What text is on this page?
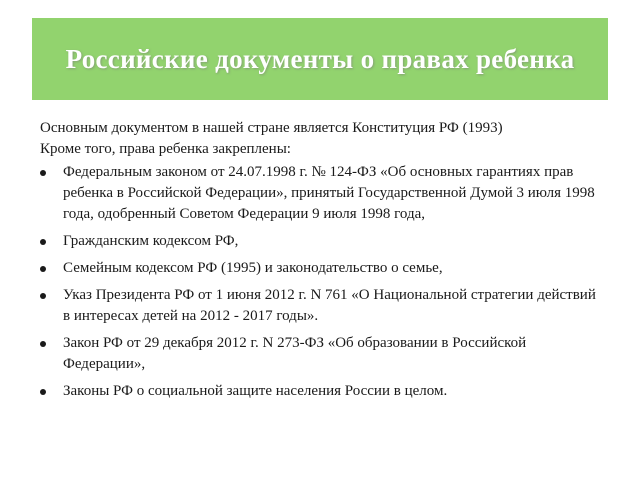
Российские документы о правах ребенка

Основным документом в нашей стране является Конституция РФ (1993)

Кроме того, права ребенка закреплены:

Федеральным законом от 24.07.1998 г. № 124-ФЗ «Об основных гарантиях прав ребенка в Российской Федерации», принятый Государственной Думой 3 июля 1998 года, одобренный Советом Федерации 9 июля 1998 года,
Гражданским кодексом РФ,
Семейным кодексом РФ (1995) и законодательство о семье,
Указ Президента РФ от 1 июня 2012 г. N 761 «О Национальной стратегии действий в интересах детей на 2012 - 2017 годы».
Закон РФ от 29 декабря 2012 г. N 273-ФЗ «Об образовании в Российской Федерации»,
Законы РФ о социальной защите населения России в целом.
